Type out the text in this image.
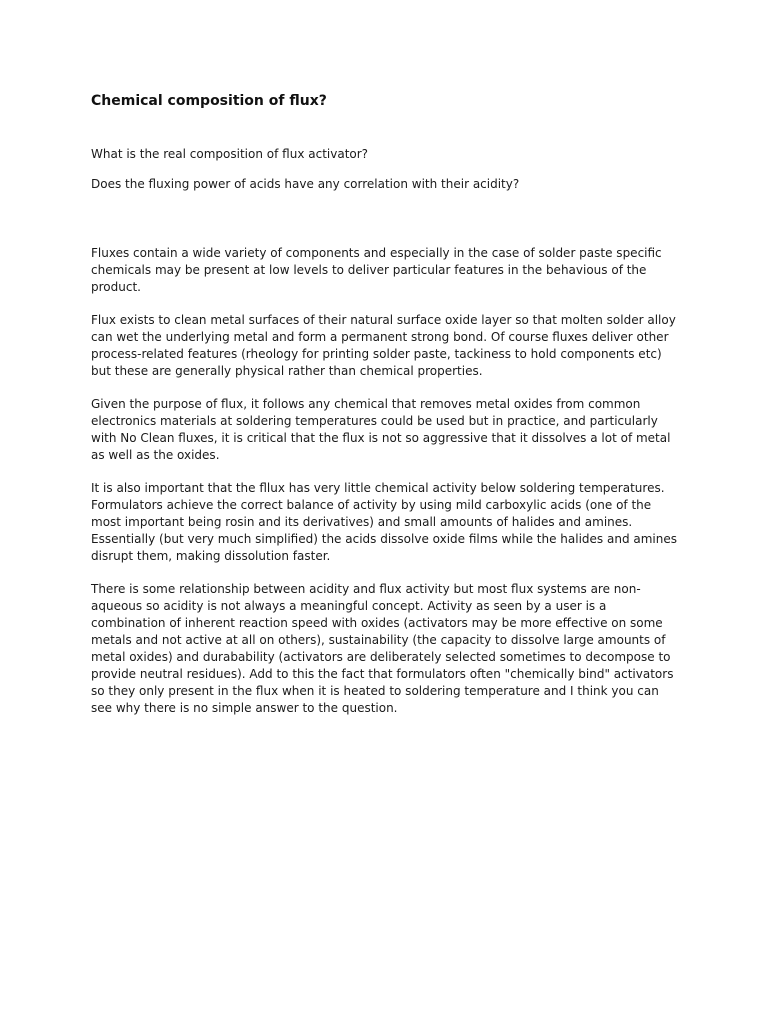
Chemical composition of flux?

What is the real composition of flux activator?

Does the fluxing power of acids have any correlation with their acidity?

Fluxes contain a wide variety of components and especially in the case of solder paste specific chemicals may be present at low levels to deliver particular features in the behavious of the product.

Flux exists to clean metal surfaces of their natural surface oxide layer so that molten solder alloy can wet the underlying metal and form a permanent strong bond. Of course fluxes deliver other process-related features (rheology for printing solder paste, tackiness to hold components etc) but these are generally physical rather than chemical properties.

Given the purpose of flux, it follows any chemical that removes metal oxides from common electronics materials at soldering temperatures could be used but in practice, and particularly with No Clean fluxes, it is critical that the flux is not so aggressive that it dissolves a lot of metal as well as the oxides.

It is also important that the fllux has very little chemical activity below soldering temperatures. Formulators achieve the correct balance of activity by using mild carboxylic acids (one of the most important being rosin and its derivatives) and small amounts of halides and amines. Essentially (but very much simplified) the acids dissolve oxide films while the halides and amines disrupt them, making dissolution faster.

There is some relationship between acidity and flux activity but most flux systems are non-aqueous so acidity is not always a meaningful concept. Activity as seen by a user is a combination of inherent reaction speed with oxides (activators may be more effective on some metals and not active at all on others), sustainability (the capacity to dissolve large amounts of metal oxides) and durabability (activators are deliberately selected sometimes to decompose to provide neutral residues). Add to this the fact that formulators often "chemically bind" activators so they only present in the flux when it is heated to soldering temperature and I think you can see why there is no simple answer to the question.
